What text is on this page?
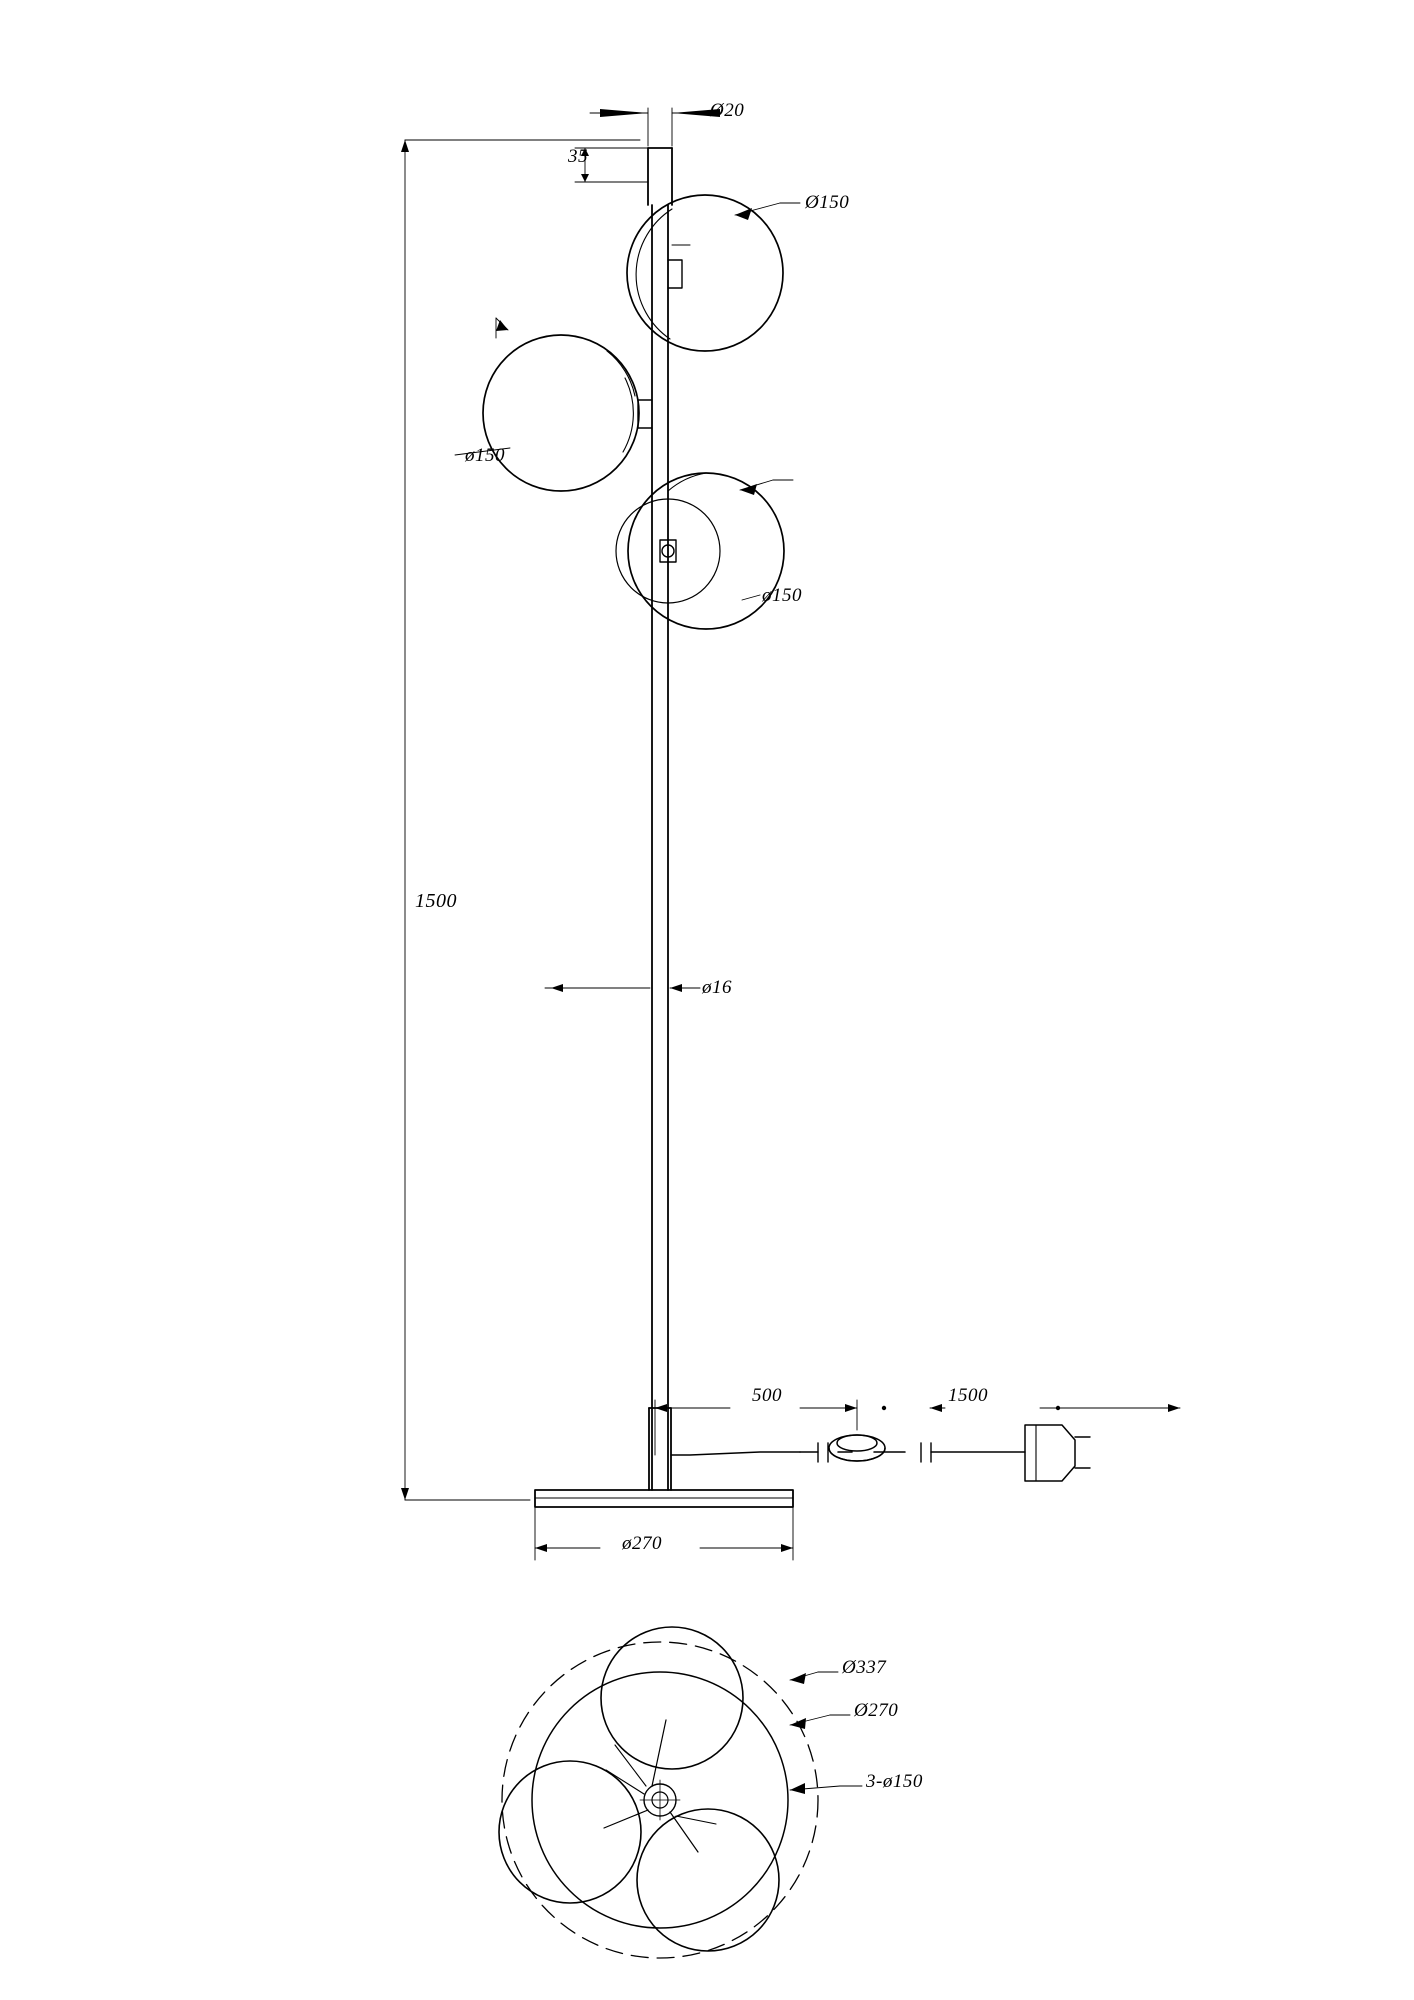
Ø20
35
Ø150
ø150
ø150
1500
ø16
500	1500
ø270
Ø337
Ø270
3-ø150
